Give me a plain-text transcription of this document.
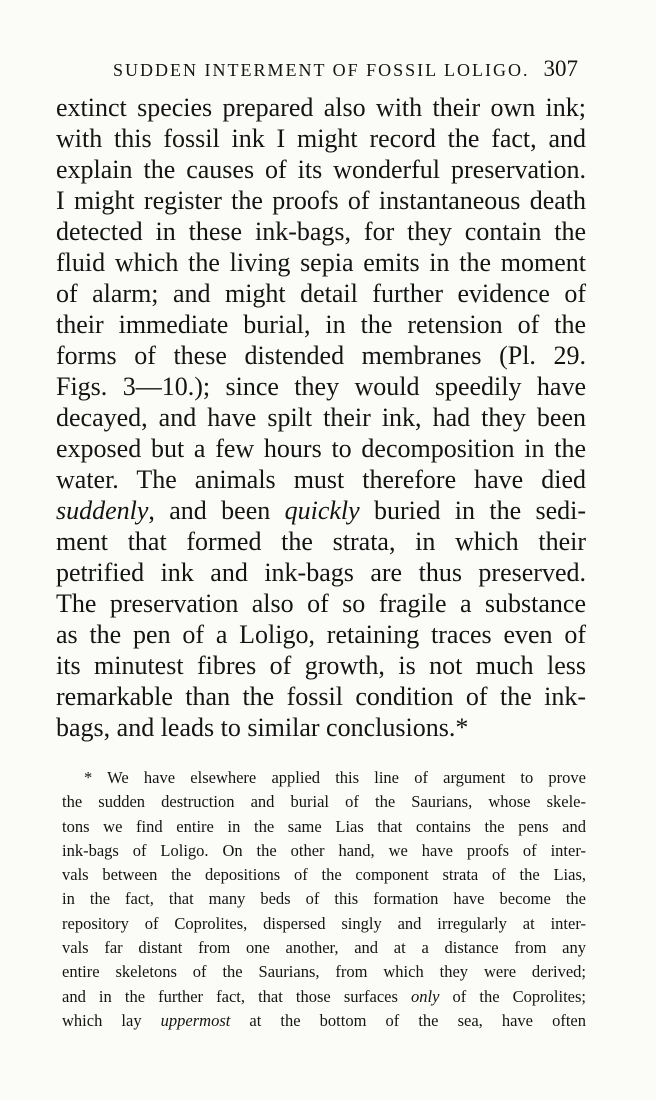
SUDDEN INTERMENT OF FOSSIL LOLIGO. 307
extinct species prepared also with their own ink;
with this fossil ink I might record the fact, and
explain the causes of its wonderful preservation.
I might register the proofs of instantaneous death
detected in these ink-bags, for they contain the
fluid which the living sepia emits in the moment
of alarm; and might detail further evidence of
their immediate burial, in the retension of the
forms of these distended membranes (Pl. 29.
Figs. 3—10.); since they would speedily have
decayed, and have spilt their ink, had they been
exposed but a few hours to decomposition in the
water. The animals must therefore have died
suddenly, and been quickly buried in the sedi-
ment that formed the strata, in which their
petrified ink and ink-bags are thus preserved.
The preservation also of so fragile a substance
as the pen of a Loligo, retaining traces even of
its minutest fibres of growth, is not much less
remarkable than the fossil condition of the ink-
bags, and leads to similar conclusions.*
* We have elsewhere applied this line of argument to prove
the sudden destruction and burial of the Saurians, whose skele-
tons we find entire in the same Lias that contains the pens and
ink-bags of Loligo. On the other hand, we have proofs of inter-
vals between the depositions of the component strata of the Lias,
in the fact, that many beds of this formation have become the
repository of Coprolites, dispersed singly and irregularly at inter-
vals far distant from one another, and at a distance from any
entire skeletons of the Saurians, from which they were derived;
and in the further fact, that those surfaces only of the Coprolites;
which lay uppermost at the bottom of the sea, have often
